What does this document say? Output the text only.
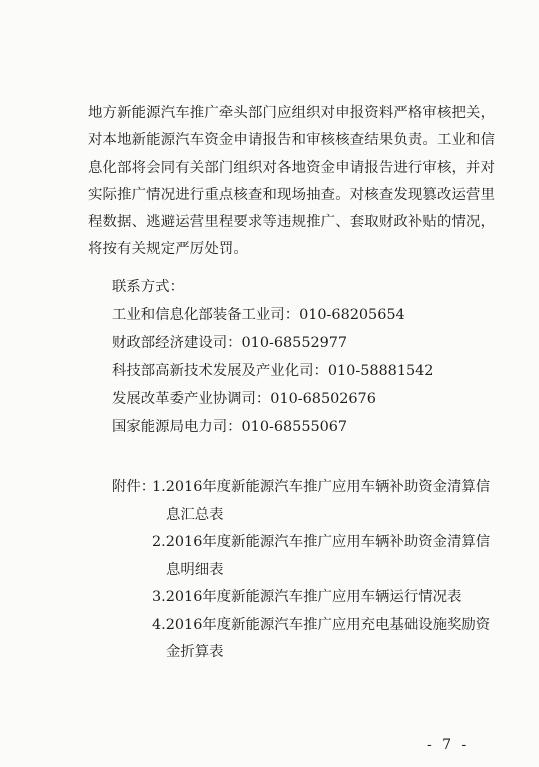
地方新能源汽车推广牵头部门应组织对申报资料严格审核把关，
对本地新能源汽车资金申请报告和审核核查结果负责。工业和信
息化部将会同有关部门组织对各地资金申请报告进行审核，并对
实际推广情况进行重点核查和现场抽查。对核查发现篡改运营里
程数据、逃避运营里程要求等违规推广、套取财政补贴的情况，
将按有关规定严厉处罚。
联系方式：
工业和信息化部装备工业司：010-68205654
财政部经济建设司：010-68552977
科技部高新技术发展及产业化司：010-58881542
发展改革委产业协调司：010-68502676
国家能源局电力司：010-68555067
附件：
1.2016年度新能源汽车推广应用车辆补助资金清算信
息汇总表
2.2016年度新能源汽车推广应用车辆补助资金清算信
息明细表
3.2016年度新能源汽车推广应用车辆运行情况表
4.2016年度新能源汽车推广应用充电基础设施奖励资
金折算表
- 7 -
